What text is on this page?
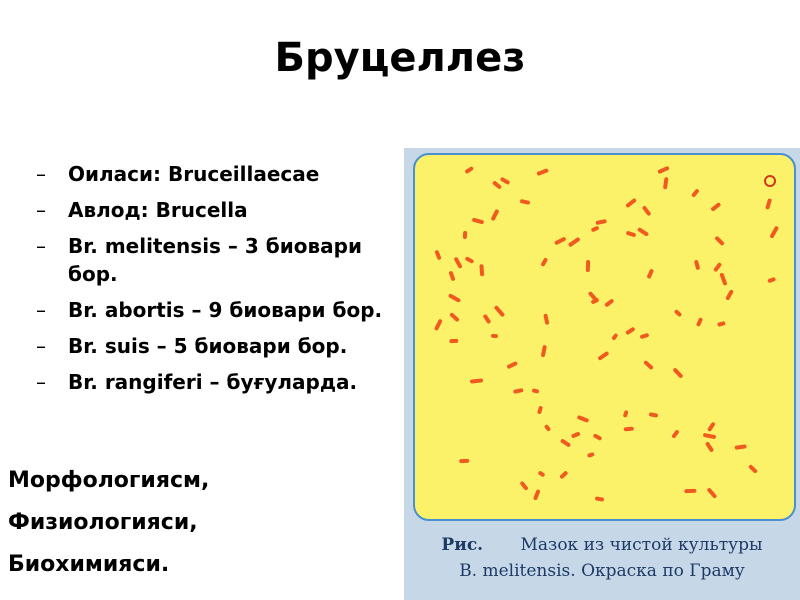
Бруцеллез
– Оиласи: Bruceillaecae
– Авлод: Brucella
– Br. melitensis – 3 биовари бор.
– Br. abortis – 9 биовари бор.
– Br. suis – 5 биовари бор.
– Br. rangiferi – буғуларда.
Морфологиясм,
Физиологияси,
Биохимияси.
Рис. Мазок из чистой культуры
B. melitensis. Окраска по Граму
